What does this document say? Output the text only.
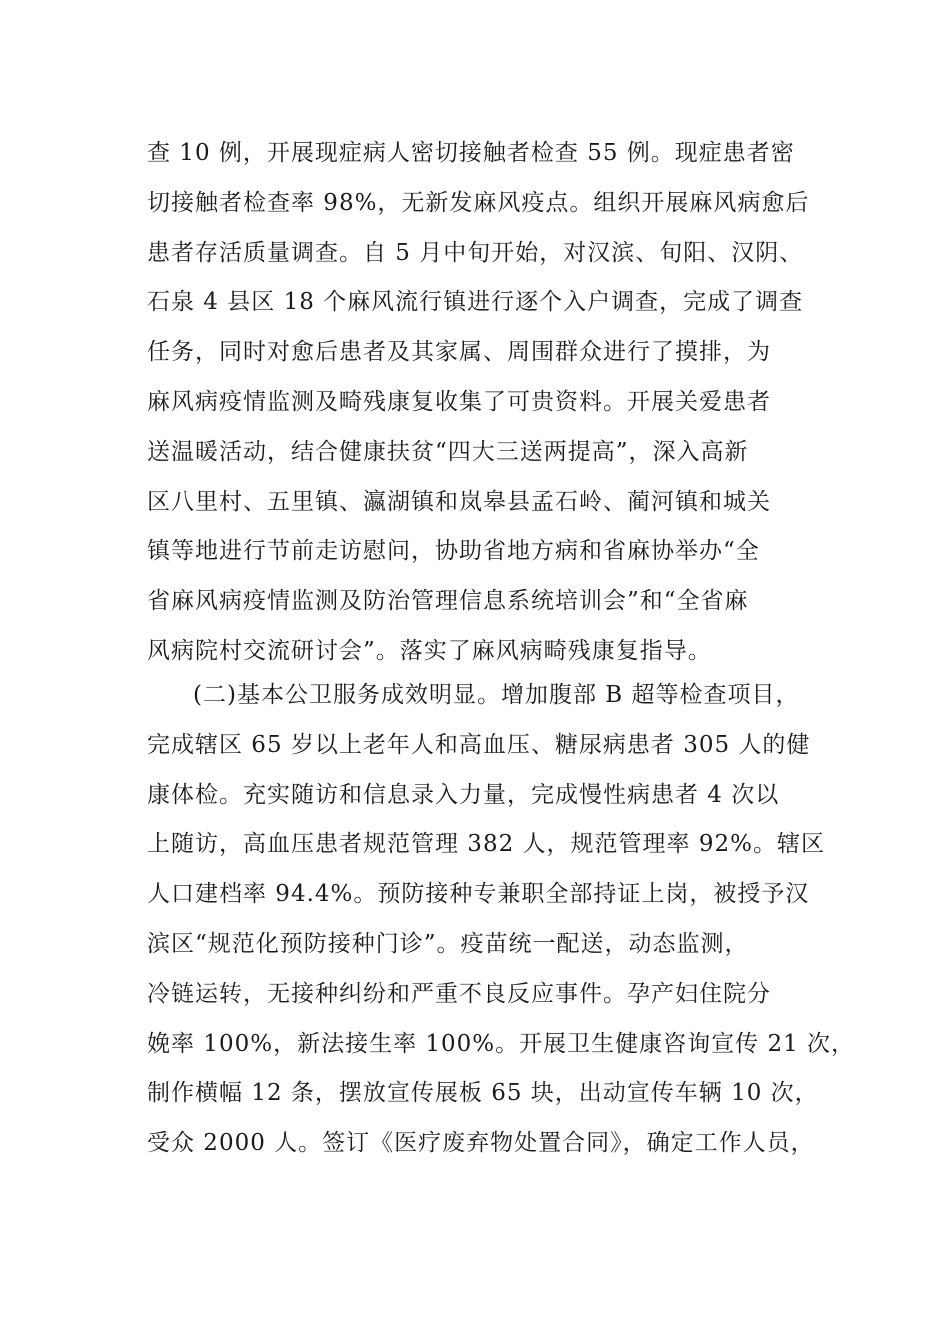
查 10 例，开展现症病人密切接触者检查 55 例。现症患者密
切接触者检查率 98%，无新发麻风疫点。组织开展麻风病愈后
患者存活质量调查。自 5 月中旬开始，对汉滨、旬阳、汉阴、
石泉 4 县区 18 个麻风流行镇进行逐个入户调查，完成了调查
任务，同时对愈后患者及其家属、周围群众进行了摸排，为
麻风病疫情监测及畸残康复收集了可贵资料。开展关爱患者
送温暖活动，结合健康扶贫“四大三送两提高”，深入高新
区八里村、五里镇、瀛湖镇和岚皋县孟石岭、蔺河镇和城关
镇等地进行节前走访慰问，协助省地方病和省麻协举办“全
省麻风病疫情监测及防治管理信息系统培训会”和“全省麻
风病院村交流研讨会”。落实了麻风病畸残康复指导。
(二)基本公卫服务成效明显。增加腹部 B 超等检查项目，
完成辖区 65 岁以上老年人和高血压、糖尿病患者 305 人的健
康体检。充实随访和信息录入力量，完成慢性病患者 4 次以
上随访，高血压患者规范管理 382 人，规范管理率 92%。辖区
人口建档率 94.4%。预防接种专兼职全部持证上岗，被授予汉
滨区“规范化预防接种门诊”。疫苗统一配送，动态监测，
冷链运转，无接种纠纷和严重不良反应事件。孕产妇住院分
娩率 100%，新法接生率 100%。开展卫生健康咨询宣传 21 次，
制作横幅 12 条，摆放宣传展板 65 块，出动宣传车辆 10 次，
受众 2000 人。签订《医疗废弃物处置合同》，确定工作人员，
